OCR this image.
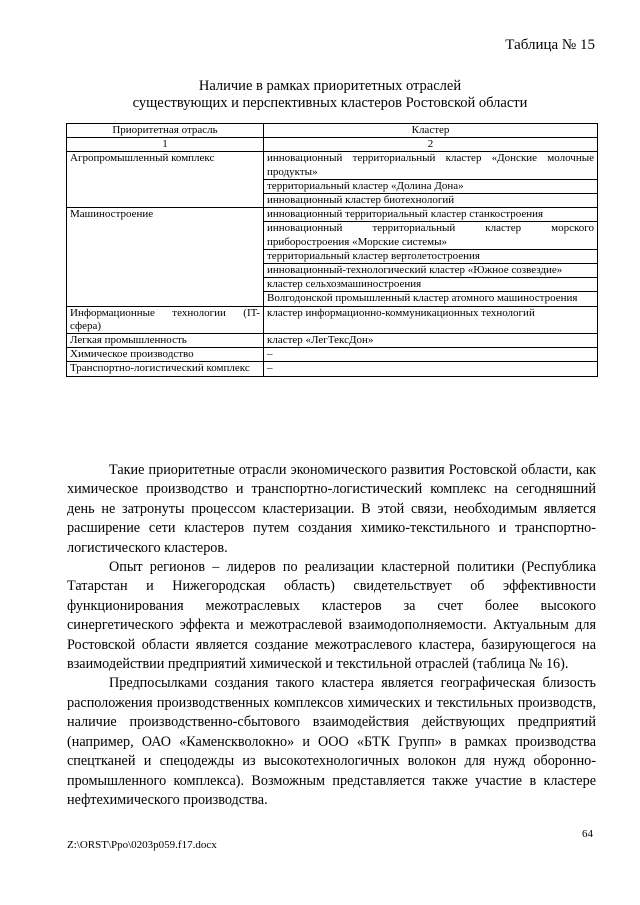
Таблица № 15
Наличие в рамках приоритетных отраслей
существующих и перспективных кластеров Ростовской области
Приоритетная отрасль	Кластер
1	2
Агропромышленный комплекс	инновационный территориальный кластер «Донские молочные продукты»
	территориальный кластер «Долина Дона»
	инновационный кластер биотехнологий
Машиностроение	инновационный территориальный кластер станкостроения
	инновационный территориальный кластер морского приборостроения «Морские системы»
	территориальный кластер вертолетостроения
	инновационный-технологический кластер «Южное созвездие»
	кластер сельхозмашиностроения
	Волгодонской промышленный кластер атомного машиностроения
Информационные технологии (IT-сфера)	кластер информационно-коммуникационных технологий
Легкая промышленность	кластер «ЛегТексДон»
Химическое производство	–
Транспортно-логистический комплекс	–

Такие приоритетные отрасли экономического развития Ростовской области, как химическое производство и транспортно-логистический комплекс на сегодняшний день не затронуты процессом кластеризации. В этой связи, необходимым является расширение сети кластеров путем создания химико-текстильного и транспортно-логистического кластеров.

Опыт регионов – лидеров по реализации кластерной политики (Республика Татарстан и Нижегородская область) свидетельствует об эффективности функционирования межотраслевых кластеров за счет более высокого синергетического эффекта и межотраслевой взаимодополняемости. Актуальным для Ростовской области является создание межотраслевого кластера, базирующегося на взаимодействии предприятий химической и текстильной отраслей (таблица № 16).

Предпосылками создания такого кластера является географическая близость расположения производственных комплексов химических и текстильных производств, наличие производственно-сбытового взаимодействия действующих предприятий (например, ОАО «Каменскволокно» и ООО «БТК Групп» в рамках производства спецтканей и спецодежды из высокотехнологичных волокон для нужд оборонно-промышленного комплекса). Возможным представляется также участие в кластере нефтехимического производства.

64
Z:\ORST\Ppo\0203p059.f17.docx
